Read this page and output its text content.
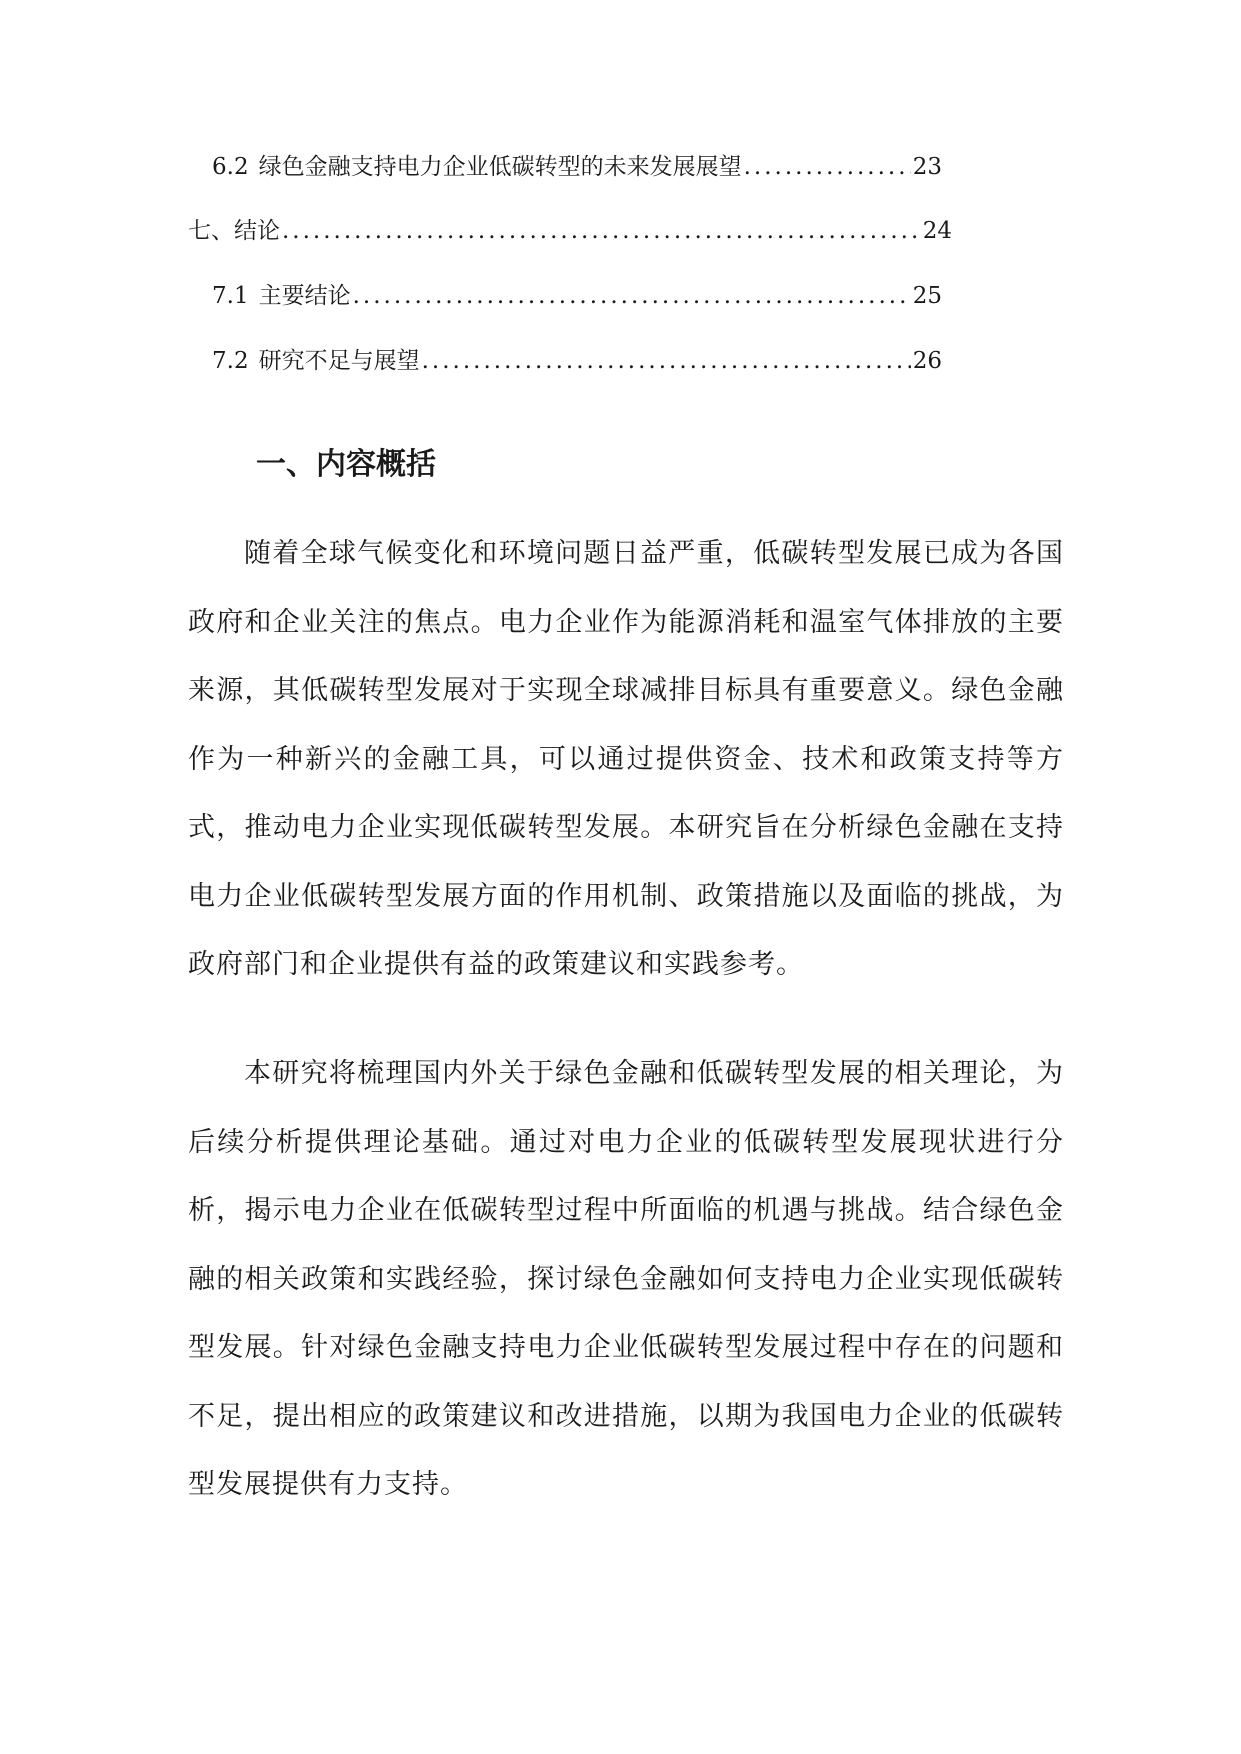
6.2 绿色金融支持电力企业低碳转型的未来发展展望 .....	23
七、结论 .....	24
7.1 主要结论 .....	25
7.2 研究不足与展望 .....	26
一、内容概括

随着全球气候变化和环境问题日益严重，低碳转型发展已成为各国政府和企业关注的焦点。电力企业作为能源消耗和温室气体排放的主要来源，其低碳转型发展对于实现全球减排目标具有重要意义。绿色金融作为一种新兴的金融工具，可以通过提供资金、技术和政策支持等方式，推动电力企业实现低碳转型发展。本研究旨在分析绿色金融在支持电力企业低碳转型发展方面的作用机制、政策措施以及面临的挑战，为政府部门和企业提供有益的政策建议和实践参考。

本研究将梳理国内外关于绿色金融和低碳转型发展的相关理论，为后续分析提供理论基础。通过对电力企业的低碳转型发展现状进行分析，揭示电力企业在低碳转型过程中所面临的机遇与挑战。结合绿色金融的相关政策和实践经验，探讨绿色金融如何支持电力企业实现低碳转型发展。针对绿色金融支持电力企业低碳转型发展过程中存在的问题和不足，提出相应的政策建议和改进措施，以期为我国电力企业的低碳转型发展提供有力支持。
